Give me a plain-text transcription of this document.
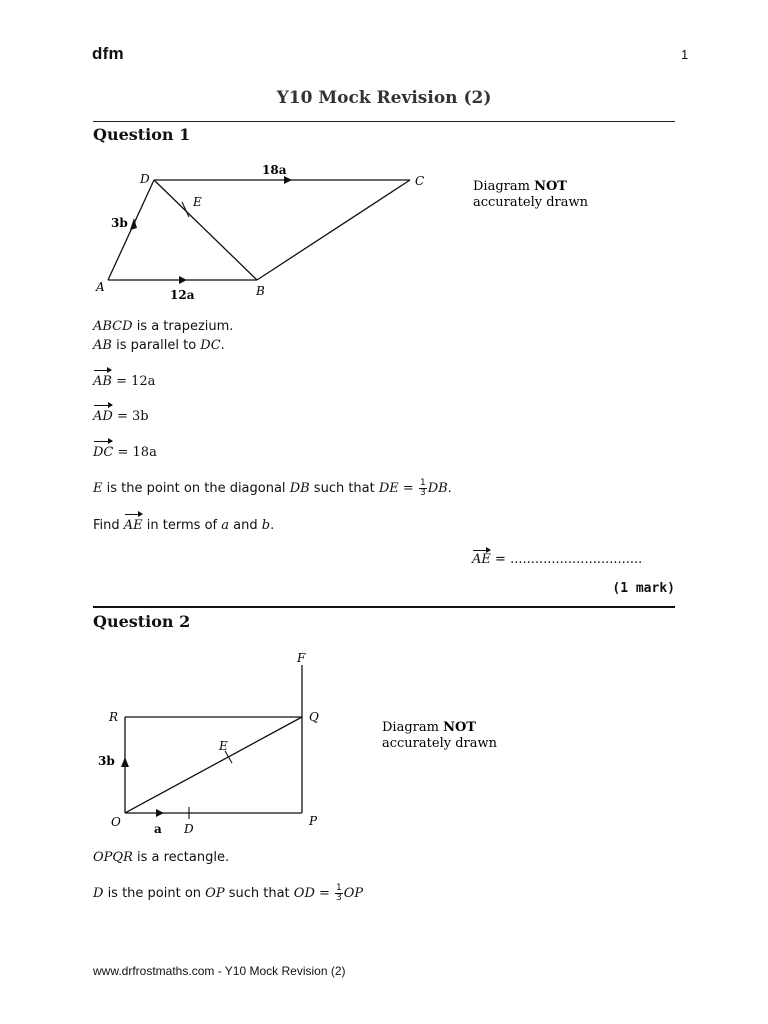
dfm	1
Y10 Mock Revision (2)
Question 1
D
E
C
A	B
18a
3b
12a
Diagram NOT
accurately drawn
ABCD is a trapezium.
AB is parallel to DC.
AB = 12a
AD = 3b
DC = 18a
E is the point on the diagonal DB such that DE = $\frac{1}{3}$ DB.
Find AE in terms of a and b.
AE = ................................
(1 mark)
Question 2
F
R	Q
E
O	D
P
3b
a
Diagram NOT
accurately drawn
OPQR is a rectangle.
D is the point on OP such that OD = $\frac{1}{3}$ OP
www.drfrostmaths.com - Y10 Mock Revision (2)
